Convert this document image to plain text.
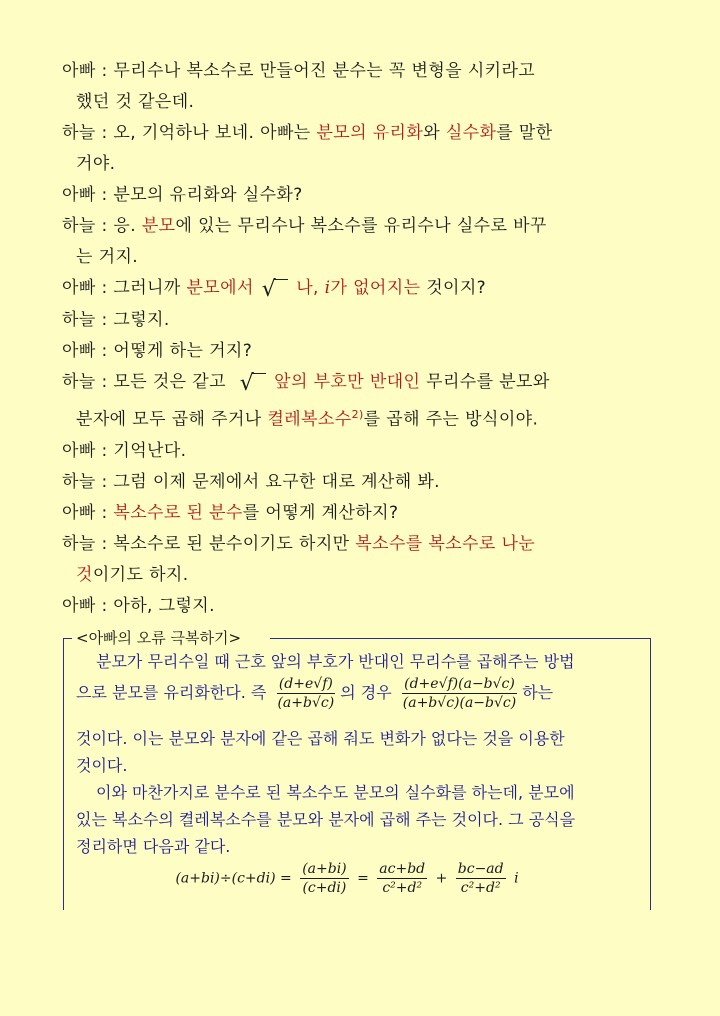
아빠 : 무리수나 복소수로 만들어진 분수는 꼭 변형을 시키라고
했던 것 같은데.
하늘 : 오, 기억하나 보네. 아빠는 분모의 유리화와 실수화를 말한
거야.
아빠 : 분모의 유리화와 실수화?
하늘 : 응. 분모에 있는 무리수나 복소수를 유리수나 실수로 바꾸
는 거지.
아빠 : 그러니까 분모에서 √ 나, i가 없어지는 것이지?
하늘 : 그렇지.
아빠 : 어떻게 하는 거지?
하늘 : 모든 것은 같고 √ 앞의 부호만 반대인 무리수를 분모와
분자에 모두 곱해 주거나 켤레복소수$^{2)}$를 곱해 주는 방식이야.
아빠 : 기억난다.
하늘 : 그럼 이제 문제에서 요구한 대로 계산해 봐.
아빠 : 복소수로 된 분수를 어떻게 계산하지?
하늘 : 복소수로 된 분수이기도 하지만 복소수를 복소수로 나눈
것이기도 하지.
아빠 : 아하, 그렇지.
<아빠의 오류 극복하기>
분모가 무리수일 때 근호 앞의 부호가 반대인 무리수를 곱해주는 방법
으로 분모를 유리화한다. 즉 $\frac{(d+e√f)}{(a+b√c)}$ 의 경우 $\frac{(d+e√f)(a-b√c)}{(a+b√c)(a-b√c)}$ 하는
것이다. 이는 분모와 분자에 같은 곱해 줘도 변화가 없다는 것을 이용한
것이다.
이와 마찬가지로 분수로 된 복소수도 분모의 실수화를 하는데, 분모에
있는 복소수의 켤레복소수를 분모와 분자에 곱해 주는 것이다. 그 공식을
정리하면 다음과 같다.
$(a+bi)\div(c+di) = \frac{(a+bi)}{(c+di)} = \frac{ac+bd}{\text{c²+d²}} + \frac{bc-ad}{\text{c²+d²}}$ i
